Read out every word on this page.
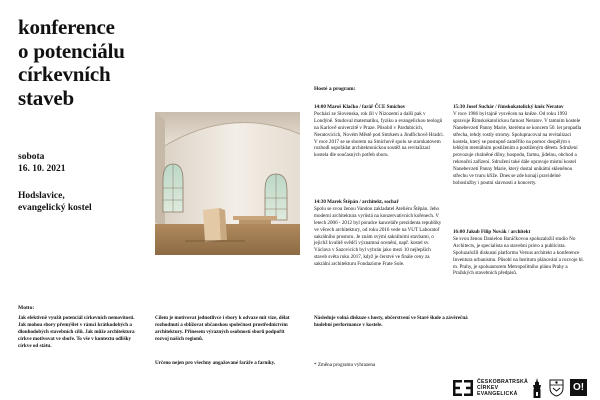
konference
o potenciálu
církevních
staveb
sobota
16. 10. 2021
Hodslavice,
evangelický kostel
Hosté a program:
14:00 Maroš Klačko / farář ČCE Smíchov
Pochází ze Slovenska, rok žil v Nizozemí a další pak v Londýně. Studoval matematiku, fyziku a evangelickou teologii na Karlově univerzitě v Praze. Působil v Pardubicích, Neratovicích, Novém Městě pod Smrkem a Jindřichově Hradci. V roce 2017 se se sborem na Smíchově spolu se starokatovem rozhodl uspořádat architektonickou soutěž na revitalizaci kostela dle současných potřeb sboru.
14:30 Marek Štěpán / architekt, sochař
Spolu se svou ženou Vandou zakladatel Ateliéru Štěpán. Jeho moderní architektura vyrůstá na konzervativních kořenech. V letech 2006 - 2012 byl poradce kanceláře prezidenta republiky ve věcech architektury, od roku 2016 vede na VUT Laboratoř sakrálního prostoru. Je znám svými sakrálními stavbami, o jejichž kvalitě svědčí významná ocenění, např. kostel sv. Václava v Sazovicích byl vybrán jako mezi 10 nejlepších staveb světa roku 2017, když je čerstvé ve finále ceny za sakrální architekturu Fondazione Frate Sole.
15:30 Josef Suchár / římskokatolický kněz Neratov
V roce 1986 byl tajně vysvěcen na kněze. Od roku 1993 spravuje Římskokatolickou farnost Neratov. V tamním kostele Nanebevzetí Panny Marie, kterému se koncem 50. let propadla střecha, tehdy rostly stromy. Spolupracoval na revitalizaci kostela, který se postupně zaměřilo na pomoc dospělým s lehkým mentálním postižením a postiženým dětem. Sdružení provozuje chráněné dílny, hospodu, farmu, jídelnu, obchod a rekreační zařízení. Sdružení také dále opravuje místní kostel Nanebevzetí Panny Marie, který dostal unikátní skleněnou střechu ve tvaru kříže. Dnes se zde konají pravidelné bohoslužby i poutní slavnosti a koncerty.
16:00 Jakub Filip Novák / architekt
Se svou ženou Danielou Baráčkovou spoluzaložil studio No Architects, je specialista na stavební právo a publicista. Spoluzaložil diskusní platformu Versus architekt a konference Inventura urbanismu. Působí na Institutu plánování a rozvoje hl. m. Prahy, je spoluautorem Metropolitního plánu Prahy a Pražských stavebních předpisů.
Motto:
Jak efektivně využít potenciál církevních nemovitostí. Jak mohou sbory přemýšlet v rámci krátkodobých a dlouhodobých stavebních cílů. Jak může architektura církve motivovat ve sboře. To vše v kontextu odlišky církve od státu.
Cílem je motivovat jednotlivce i sbory k odvaze mít vize, dělat rozhodnutí a sblížovat občanskou společnost prostřednictvím architektury. Přinesem výrazných osobností sborů podpořit rozvoj našich regionů.
Určeno nejen pro všechny angažované faráře a farníky.
Následuje volná diskuze s hosty, občerstvení ve Staré škole a závěrečná hudební performance v kostele.
* Změna programu vyhrazena
ČESKOBRATRSKÁ
CÍRKEV
EVANGELICKÁ
O!
